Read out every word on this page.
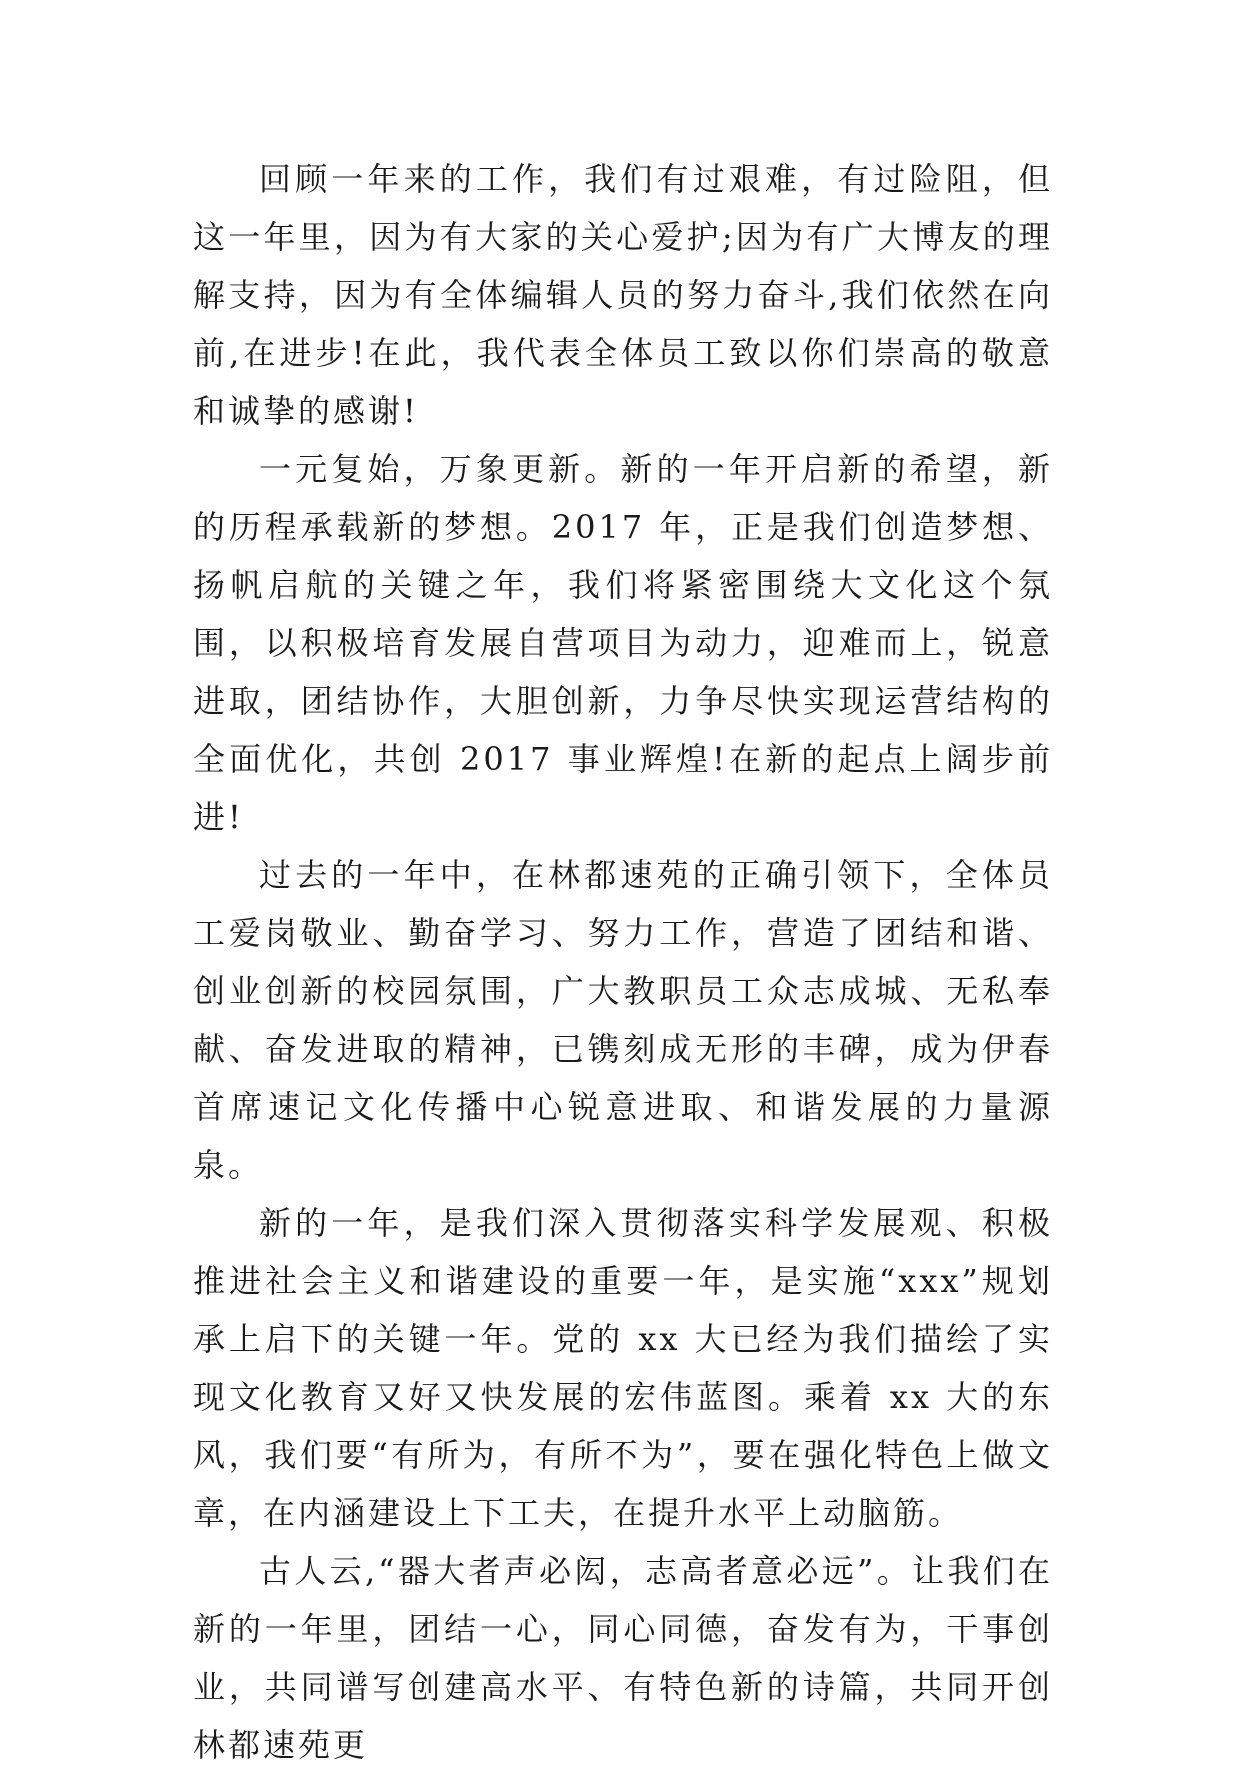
回顾一年来的工作，我们有过艰难，有过险阻，但这一年里，因为有大家的关心爱护;因为有广大博友的理解支持，因为有全体编辑人员的努力奋斗,我们依然在向前,在进步!在此，我代表全体员工致以你们崇高的敬意和诚挚的感谢!

一元复始，万象更新。新的一年开启新的希望，新的历程承载新的梦想。2017 年，正是我们创造梦想、扬帆启航的关键之年，我们将紧密围绕大文化这个氛围，以积极培育发展自营项目为动力，迎难而上，锐意进取，团结协作，大胆创新，力争尽快实现运营结构的全面优化，共创 2017 事业辉煌!在新的起点上阔步前进!

过去的一年中，在林都速苑的正确引领下，全体员工爱岗敬业、勤奋学习、努力工作，营造了团结和谐、创业创新的校园氛围，广大教职员工众志成城、无私奉献、奋发进取的精神，已镌刻成无形的丰碑，成为伊春首席速记文化传播中心锐意进取、和谐发展的力量源泉。

新的一年，是我们深入贯彻落实科学发展观、积极推进社会主义和谐建设的重要一年，是实施“xxx”规划承上启下的关键一年。党的 xx 大已经为我们描绘了实现文化教育又好又快发展的宏伟蓝图。乘着 xx 大的东风，我们要“有所为，有所不为”，要在强化特色上做文章，在内涵建设上下工夫，在提升水平上动脑筋。

古人云,“器大者声必闳，志高者意必远”。让我们在新的一年里，团结一心，同心同德，奋发有为，干事创业，共同谱写创建高水平、有特色新的诗篇，共同开创林都速苑更
